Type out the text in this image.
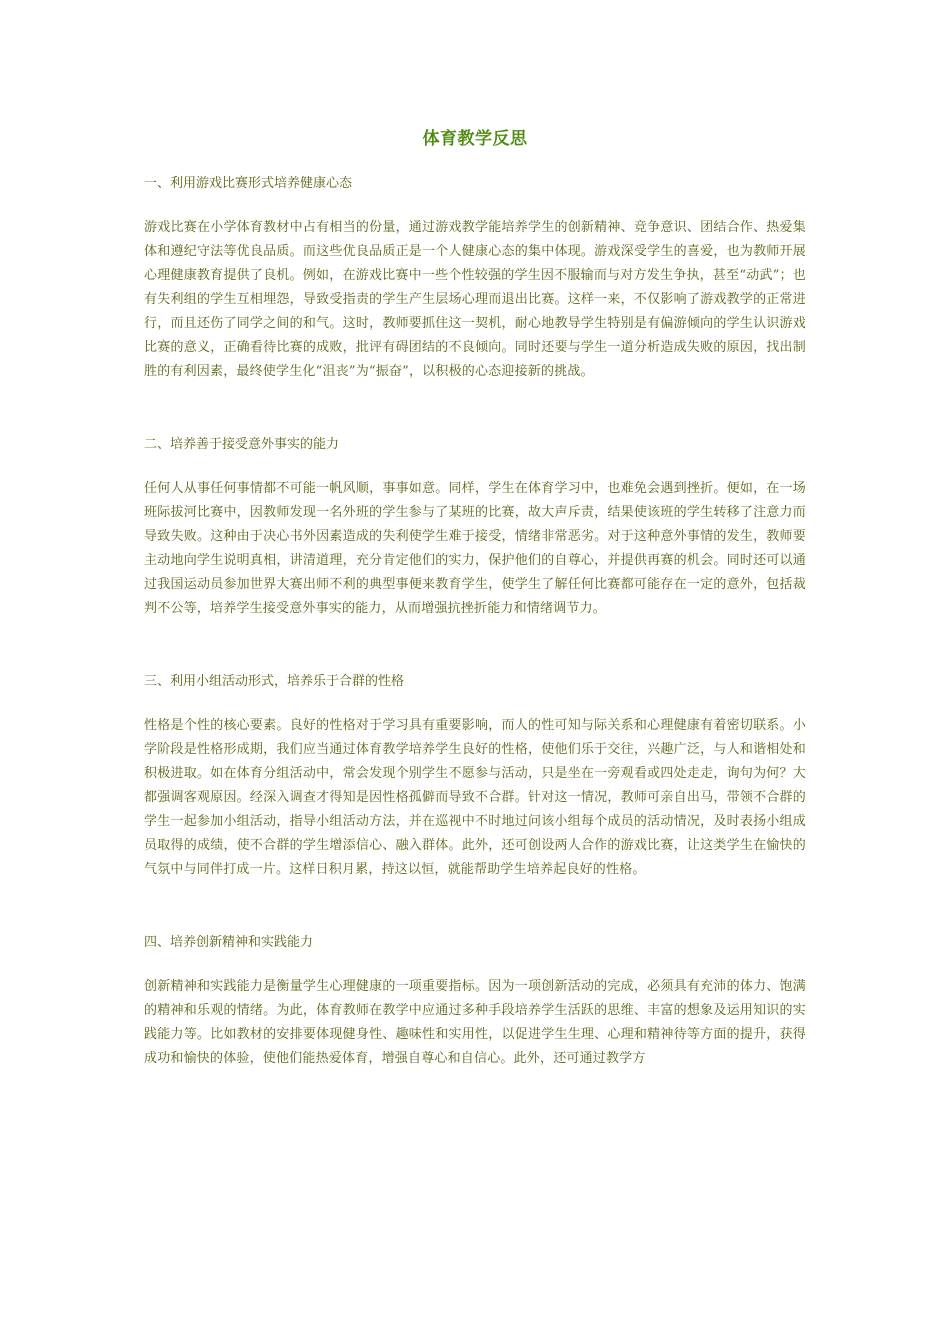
体育教学反思

一、利用游戏比赛形式培养健康心态

游戏比赛在小学体育教材中占有相当的份量，通过游戏教学能培养学生的创新精神、竞争意识、团结合作、热爱集体和遵纪守法等优良品质。而这些优良品质正是一个人健康心态的集中体现。游戏深受学生的喜爱，也为教师开展心理健康教育提供了良机。例如，在游戏比赛中一些个性较强的学生因不服输而与对方发生争执，甚至“动武”；也有失利组的学生互相埋怨，导致受指责的学生产生层场心理而退出比赛。这样一来，不仅影响了游戏教学的正常进行，而且还伤了同学之间的和气。这时，教师要抓住这一契机，耐心地教导学生特别是有偏游倾向的学生认识游戏比赛的意义，正确看待比赛的成败，批评有碍团结的不良倾向。同时还要与学生一道分析造成失败的原因，找出制胜的有利因素，最终使学生化“沮丧”为“振奋”，以积极的心态迎接新的挑战。

二、培养善于接受意外事实的能力

任何人从事任何事情都不可能一帆风顺，事事如意。同样，学生在体育学习中，也难免会遇到挫折。便如，在一场班际拔河比赛中，因教师发现一名外班的学生参与了某班的比赛，故大声斥责，结果使该班的学生转移了注意力而导致失败。这种由于决心书外因素造成的失利使学生难于接受，情绪非常恶劣。对于这种意外事情的发生，教师要主动地向学生说明真相，讲清道理，充分肯定他们的实力，保护他们的自尊心，并提供再赛的机会。同时还可以通过我国运动员参加世界大赛出师不利的典型事便来教育学生，使学生了解任何比赛都可能存在一定的意外，包括裁判不公等，培养学生接受意外事实的能力，从而增强抗挫折能力和情绪调节力。

三、利用小组活动形式，培养乐于合群的性格

性格是个性的核心要素。良好的性格对于学习具有重要影响，而人的性可知与际关系和心理健康有着密切联系。小学阶段是性格形成期，我们应当通过体育教学培养学生良好的性格，使他们乐于交往，兴趣广泛，与人和谐相处和积极进取。如在体育分组活动中，常会发现个别学生不愿参与活动，只是坐在一旁观看或四处走走，询句为何？大都强调客观原因。经深入调查才得知是因性格孤僻而导致不合群。针对这一情况，教师可亲自出马，带领不合群的学生一起参加小组活动，指导小组活动方法，并在巡视中不时地过问该小组每个成员的活动情况，及时表扬小组成员取得的成绩，使不合群的学生增添信心、融入群体。此外，还可创设两人合作的游戏比赛，让这类学生在愉快的气氛中与同伴打成一片。这样日积月累，持这以恒，就能帮助学生培养起良好的性格。

四、培养创新精神和实践能力

创新精神和实践能力是衡量学生心理健康的一项重要指标。因为一项创新活动的完成，必须具有充沛的体力、饱满的精神和乐观的情绪。为此，体育教师在教学中应通过多种手段培养学生活跃的思维、丰富的想象及运用知识的实践能力等。比如教材的安排要体现健身性、趣味性和实用性，以促进学生生理、心理和精神待等方面的提升，获得成功和愉快的体验，使他们能热爱体育，增强自尊心和自信心。此外，还可通过教学方
